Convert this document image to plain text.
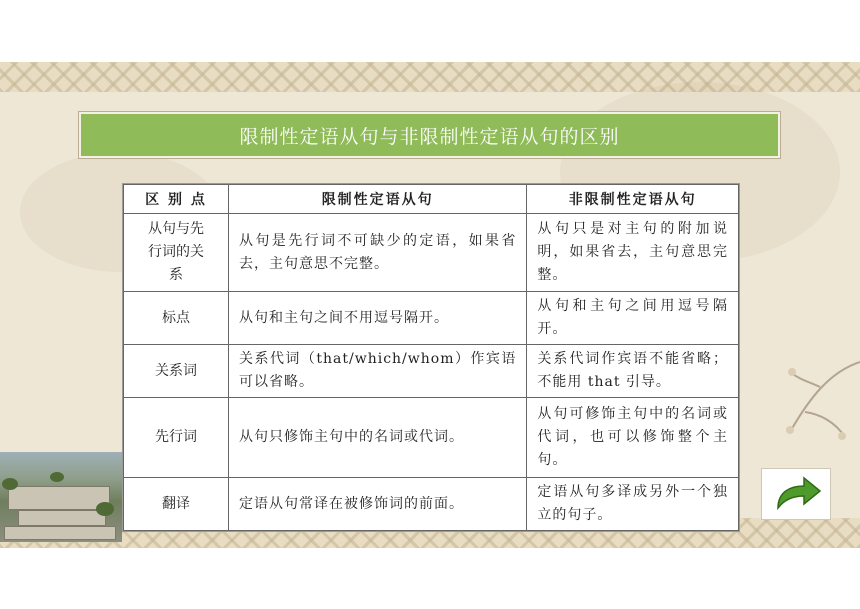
限制性定语从句与非限制性定语从句的区别
区 别 点	限制性定语从句	非限制性定语从句
从句与先行词的关系	从句是先行词不可缺少的定语，如果省去，主句意思不完整。	从句只是对主句的附加说明，如果省去，主句意思完整。
标点	从句和主句之间不用逗号隔开。	从句和主句之间用逗号隔开。
关系词	关系代词（that/which/whom）作宾语可以省略。	关系代词作宾语不能省略；不能用 that 引导。
先行词	从句只修饰主句中的名词或代词。	从句可修饰主句中的名词或代词，也可以修饰整个主句。
翻译	定语从句常译在被修饰词的前面。	定语从句多译成另外一个独立的句子。
